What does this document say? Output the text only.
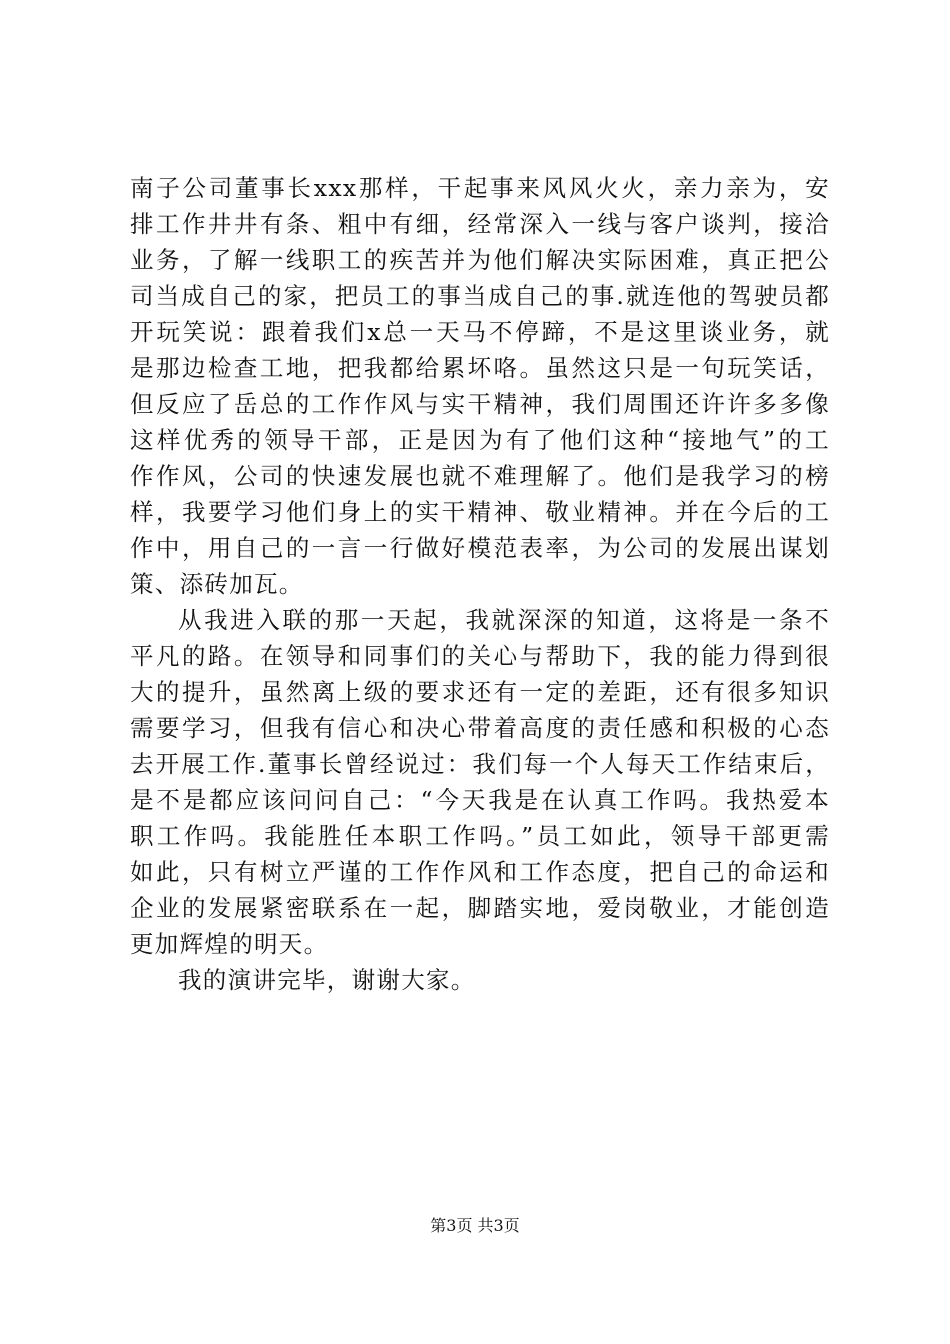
南子公司董事长xxx那样，干起事来风风火火，亲力亲为，安
排工作井井有条、粗中有细，经常深入一线与客户谈判，接洽
业务，了解一线职工的疾苦并为他们解决实际困难，真正把公
司当成自己的家，把员工的事当成自己的事.就连他的驾驶员都
开玩笑说：跟着我们x总一天马不停蹄，不是这里谈业务，就
是那边检查工地，把我都给累坏咯。虽然这只是一句玩笑话，
但反应了岳总的工作作风与实干精神，我们周围还许许多多像
这样优秀的领导干部，正是因为有了他们这种“接地气”的工
作作风，公司的快速发展也就不难理解了。他们是我学习的榜
样，我要学习他们身上的实干精神、敬业精神。并在今后的工
作中，用自己的一言一行做好模范表率，为公司的发展出谋划
策、添砖加瓦。
从我进入联的那一天起，我就深深的知道，这将是一条不
平凡的路。在领导和同事们的关心与帮助下，我的能力得到很
大的提升，虽然离上级的要求还有一定的差距，还有很多知识
需要学习，但我有信心和决心带着高度的责任感和积极的心态
去开展工作.董事长曾经说过：我们每一个人每天工作结束后，
是不是都应该问问自己：“今天我是在认真工作吗。我热爱本
职工作吗。我能胜任本职工作吗。”员工如此，领导干部更需
如此，只有树立严谨的工作作风和工作态度，把自己的命运和
企业的发展紧密联系在一起，脚踏实地，爱岗敬业，才能创造
更加辉煌的明天。
我的演讲完毕，谢谢大家。
第3页 共3页
